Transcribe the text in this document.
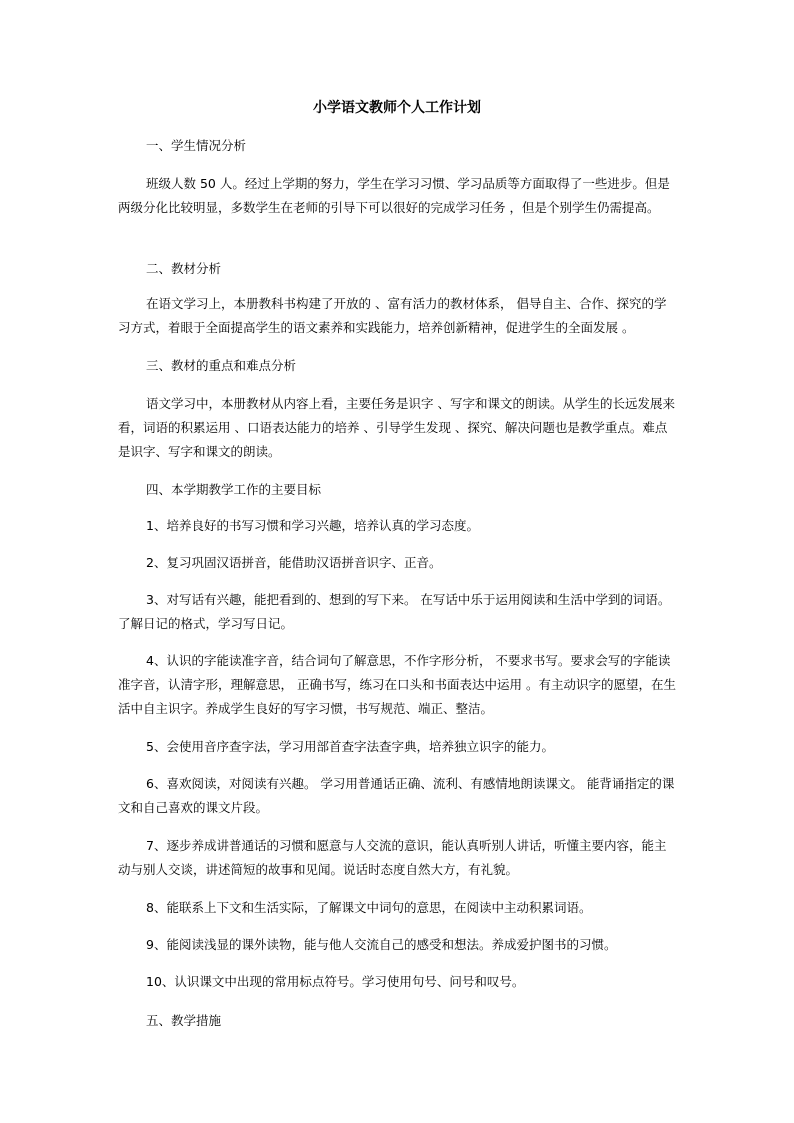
小学语文教师个人工作计划
一、学生情况分析
班级人数 50 人。经过上学期的努力，学生在学习习惯、学习品质等方面取得了一些进步。但是两级分化比较明显，多数学生在老师的引导下可以很好的完成学习任务 ，但是个别学生仍需提高。
二、教材分析
在语文学习上，本册教科书构建了开放的 、富有活力的教材体系， 倡导自主、合作、探究的学习方式，着眼于全面提高学生的语文素养和实践能力，培养创新精神，促进学生的全面发展 。
三、教材的重点和难点分析
语文学习中，本册教材从内容上看，主要任务是识字 、写字和课文的朗读。从学生的长远发展来看，词语的积累运用 、口语表达能力的培养 、引导学生发现 、探究、解决问题也是教学重点。难点是识字、写字和课文的朗读。
四、本学期教学工作的主要目标
1、培养良好的书写习惯和学习兴趣，培养认真的学习态度。
2、复习巩固汉语拼音，能借助汉语拼音识字、正音。
3、对写话有兴趣，能把看到的、想到的写下来。 在写话中乐于运用阅读和生活中学到的词语。了解日记的格式，学习写日记。
4、认识的字能读准字音，结合词句了解意思，不作字形分析， 不要求书写。要求会写的字能读准字音，认清字形，理解意思， 正确书写，练习在口头和书面表达中运用 。有主动识字的愿望，在生活中自主识字。养成学生良好的写字习惯，书写规范、端正、整洁。
5、会使用音序查字法，学习用部首查字法查字典，培养独立识字的能力。
6、喜欢阅读，对阅读有兴趣。 学习用普通话正确、流利、有感情地朗读课文。 能背诵指定的课文和自己喜欢的课文片段。
7、逐步养成讲普通话的习惯和愿意与人交流的意识，能认真听别人讲话，听懂主要内容，能主动与别人交谈，讲述简短的故事和见闻。说话时态度自然大方，有礼貌。
8、能联系上下文和生活实际，了解课文中词句的意思，在阅读中主动积累词语。
9、能阅读浅显的课外读物，能与他人交流自己的感受和想法。养成爱护图书的习惯。
10、认识课文中出现的常用标点符号。学习使用句号、问号和叹号。
五、教学措施
